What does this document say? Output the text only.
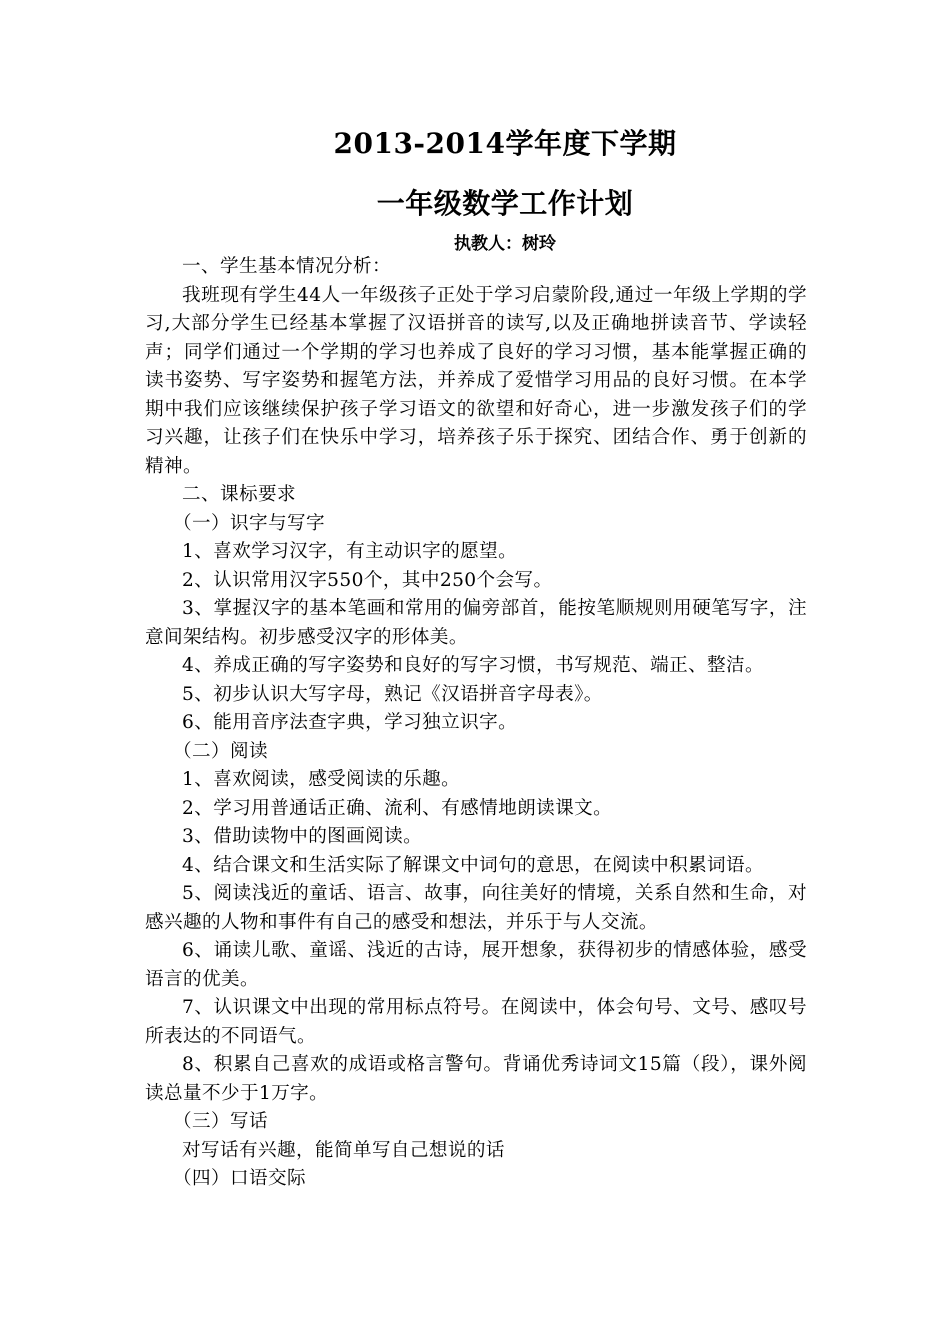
2013-2014学年度下学期
一年级数学工作计划
执教人：树玲

一、学生基本情况分析：

我班现有学生44人一年级孩子正处于学习启蒙阶段,通过一年级上学期的学习,大部分学生已经基本掌握了汉语拼音的读写,以及正确地拼读音节、学读轻声；同学们通过一个学期的学习也养成了良好的学习习惯，基本能掌握正确的读书姿势、写字姿势和握笔方法，并养成了爱惜学习用品的良好习惯。在本学期中我们应该继续保护孩子学习语文的欲望和好奇心，进一步激发孩子们的学习兴趣，让孩子们在快乐中学习，培养孩子乐于探究、团结合作、勇于创新的精神。

二、课标要求

（一）识字与写字

1、喜欢学习汉字，有主动识字的愿望。

2、认识常用汉字550个，其中250个会写。

3、掌握汉字的基本笔画和常用的偏旁部首，能按笔顺规则用硬笔写字，注意间架结构。初步感受汉字的形体美。

4、养成正确的写字姿势和良好的写字习惯，书写规范、端正、整洁。

5、初步认识大写字母，熟记《汉语拼音字母表》。

6、能用音序法查字典，学习独立识字。

（二）阅读

1、喜欢阅读，感受阅读的乐趣。

2、学习用普通话正确、流利、有感情地朗读课文。

3、借助读物中的图画阅读。

4、结合课文和生活实际了解课文中词句的意思，在阅读中积累词语。

5、阅读浅近的童话、语言、故事，向往美好的情境，关系自然和生命，对感兴趣的人物和事件有自己的感受和想法，并乐于与人交流。

6、诵读儿歌、童谣、浅近的古诗，展开想象，获得初步的情感体验，感受语言的优美。

7、认识课文中出现的常用标点符号。在阅读中，体会句号、文号、感叹号所表达的不同语气。

8、积累自己喜欢的成语或格言警句。背诵优秀诗词文15篇（段），课外阅读总量不少于1万字。

（三）写话

对写话有兴趣，能简单写自己想说的话

（四）口语交际
